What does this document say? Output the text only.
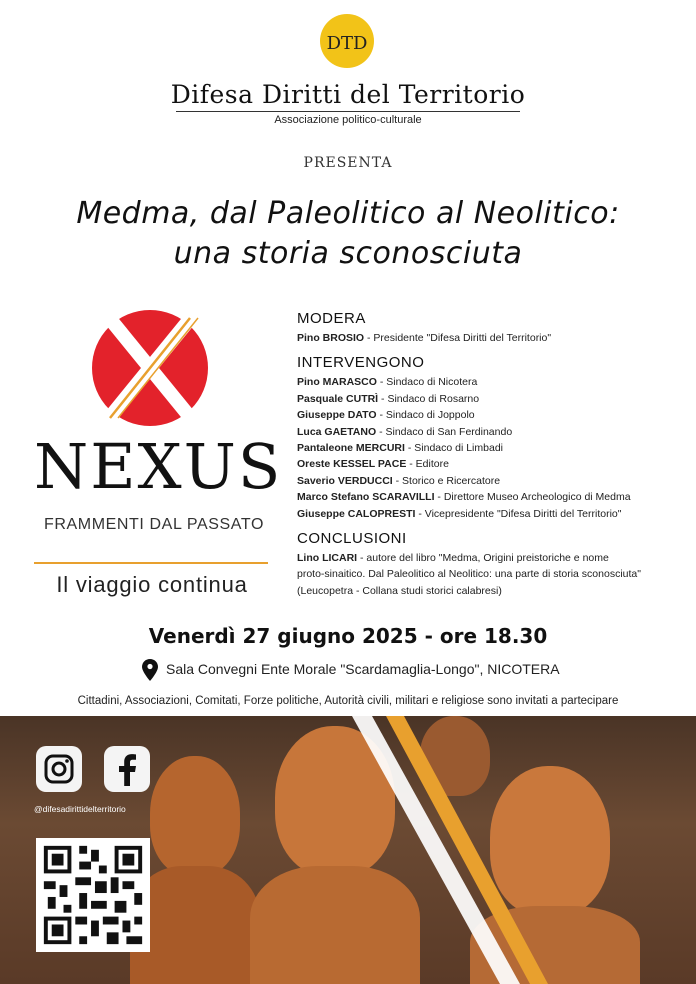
DTD
Difesa Diritti del Territorio
Associazione politico-culturale
PRESENTA
Medma, dal Paleolitico al Neolitico:
una storia sconosciuta
NEXUS
FRAMMENTI DAL PASSATO
Il viaggio continua
MODERA
Pino BROSIO - Presidente "Difesa Diritti del Territorio"
INTERVENGONO
Pino MARASCO - Sindaco di Nicotera
Pasquale CUTRÌ - Sindaco di Rosarno
Giuseppe DATO - Sindaco di Joppolo
Luca GAETANO - Sindaco di San Ferdinando
Pantaleone MERCURI - Sindaco di Limbadi
Oreste KESSEL PACE - Editore
Saverio VERDUCCI - Storico e Ricercatore
Marco Stefano SCARAVILLI - Direttore Museo Archeologico di Medma
Giuseppe CALOPRESTI - Vicepresidente "Difesa Diritti del Territorio"
CONCLUSIONI
Lino LICARI - autore del libro "Medma, Origini preistoriche e nome
proto-sinaitico. Dal Paleolitico al Neolitico: una parte di storia sconosciuta"
(Leucopetra - Collana studi storici calabresi)
Venerdì 27 giugno 2025 - ore 18.30
Sala Convegni Ente Morale "Scardamaglia-Longo", NICOTERA
Cittadini, Associazioni, Comitati, Forze politiche, Autorità civili, militari e religiose sono invitati a partecipare
@difesadirittidelterritorio
